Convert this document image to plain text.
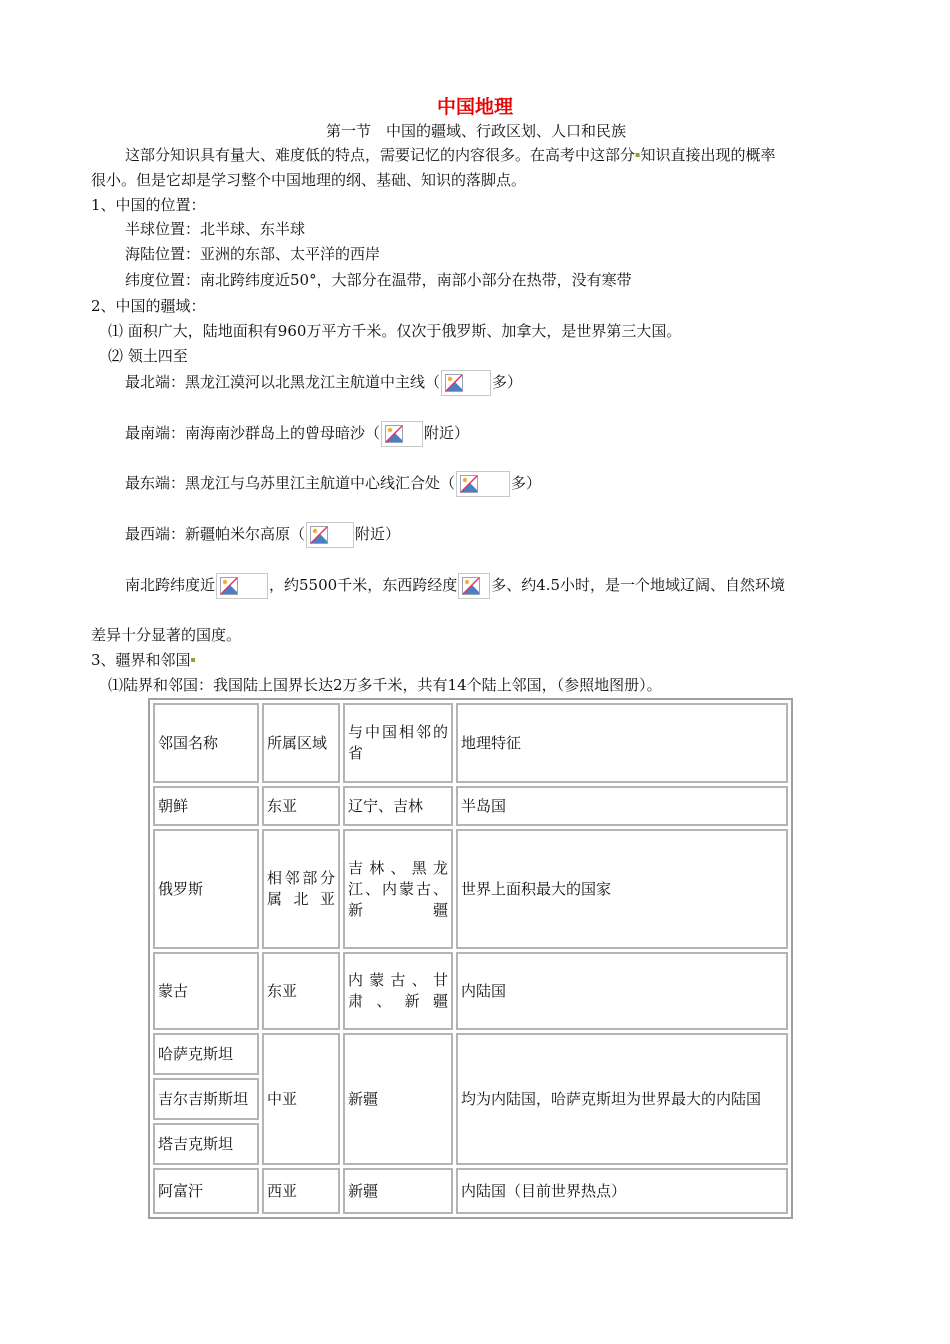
中国地理
第一节　中国的疆域、行政区划、人口和民族
这部分知识具有量大、难度低的特点，需要记忆的内容很多。在高考中这部分▪知识直接出现的概率
很小。但是它却是学习整个中国地理的纲、基础、知识的落脚点。
1、中国的位置：
半球位置：北半球、东半球
海陆位置：亚洲的东部、太平洋的西岸
纬度位置：南北跨纬度近50°，大部分在温带，南部小部分在热带，没有寒带
2、中国的疆域：
⑴ 面积广大，陆地面积有960万平方千米。仅次于俄罗斯、加拿大，是世界第三大国。
⑵ 领土四至
最北端：黑龙江漠河以北黑龙江主航道中主线（	多）
最南端：南海南沙群岛上的曾母暗沙（	附近）
最东端：黑龙江与乌苏里江主航道中心线汇合处（	多）
最西端：新疆帕米尔高原（	附近）
南北跨纬度近	，约5500千米，东西跨经度 多、约4.5小时，是一个地域辽阔、自然环境
差异十分显著的国度。
3、疆界和邻国▪
⑴陆界和邻国：我国陆上国界长达2万多千米，共有14个陆上邻国，（参照地图册）。
邻国名称	所属区域	与中国相邻的省	地理特征
朝鲜	东亚	辽宁、吉林	半岛国
俄罗斯	相邻部分属北亚	吉林、黑龙江、内蒙古、新疆	世界上面积最大的国家
蒙古	东亚	内蒙古、甘肃、新疆	内陆国
哈萨克斯坦	中亚	新疆	均为内陆国，哈萨克斯坦为世界最大的内陆国
吉尔吉斯斯坦			
塔吉克斯坦			
阿富汗	西亚	新疆	内陆国（目前世界热点）
